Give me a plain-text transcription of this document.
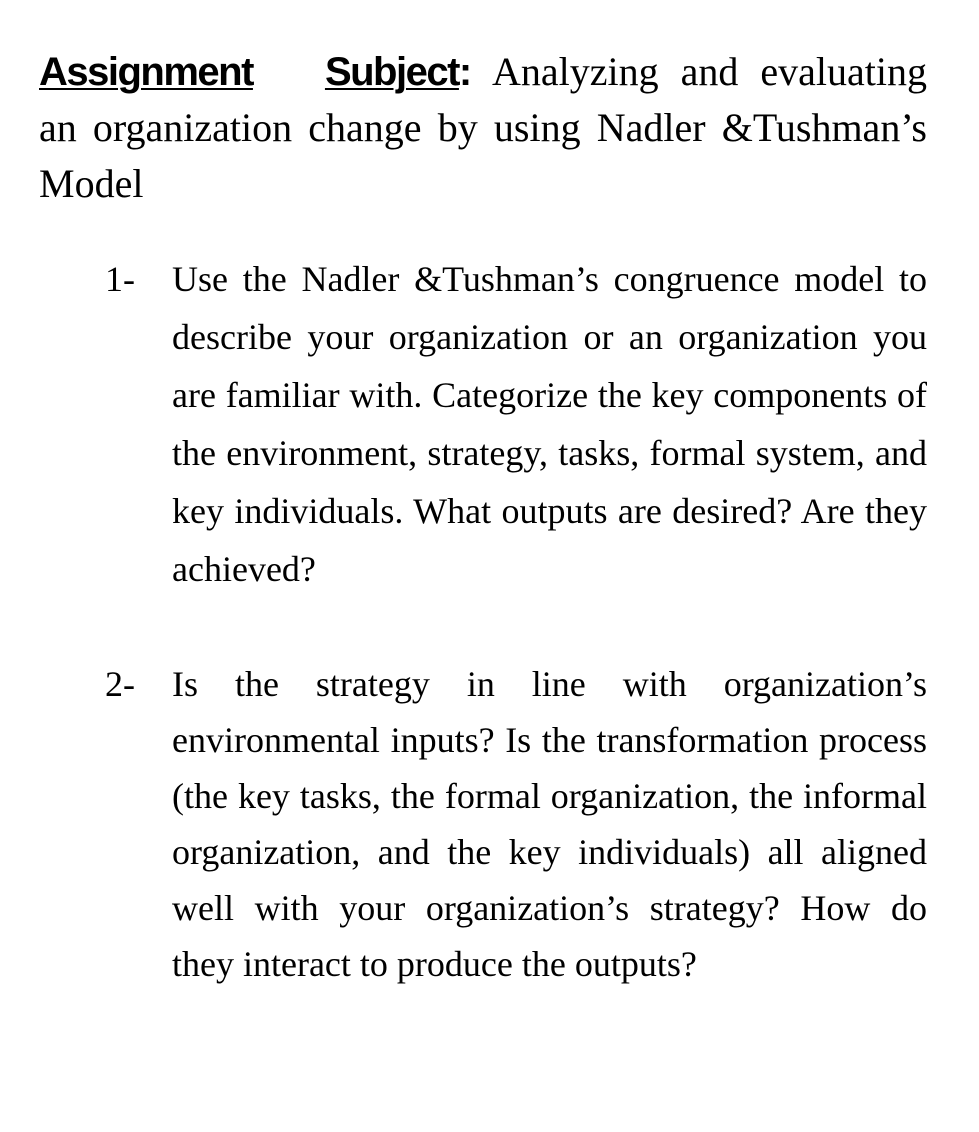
Assignment Subject: Analyzing and evaluating an organization change by using Nadler &Tushman’s Model

1- Use the Nadler &Tushman’s congruence model to describe your organization or an organization you are familiar with. Categorize the key components of the environment, strategy, tasks, formal system, and key individuals. What outputs are desired? Are they achieved?
2- Is the strategy in line with organization’s environmental inputs? Is the transformation process (the key tasks, the formal organization, the informal organization, and the key individuals) all aligned well with your organization’s strategy? How do they interact to produce the outputs?
